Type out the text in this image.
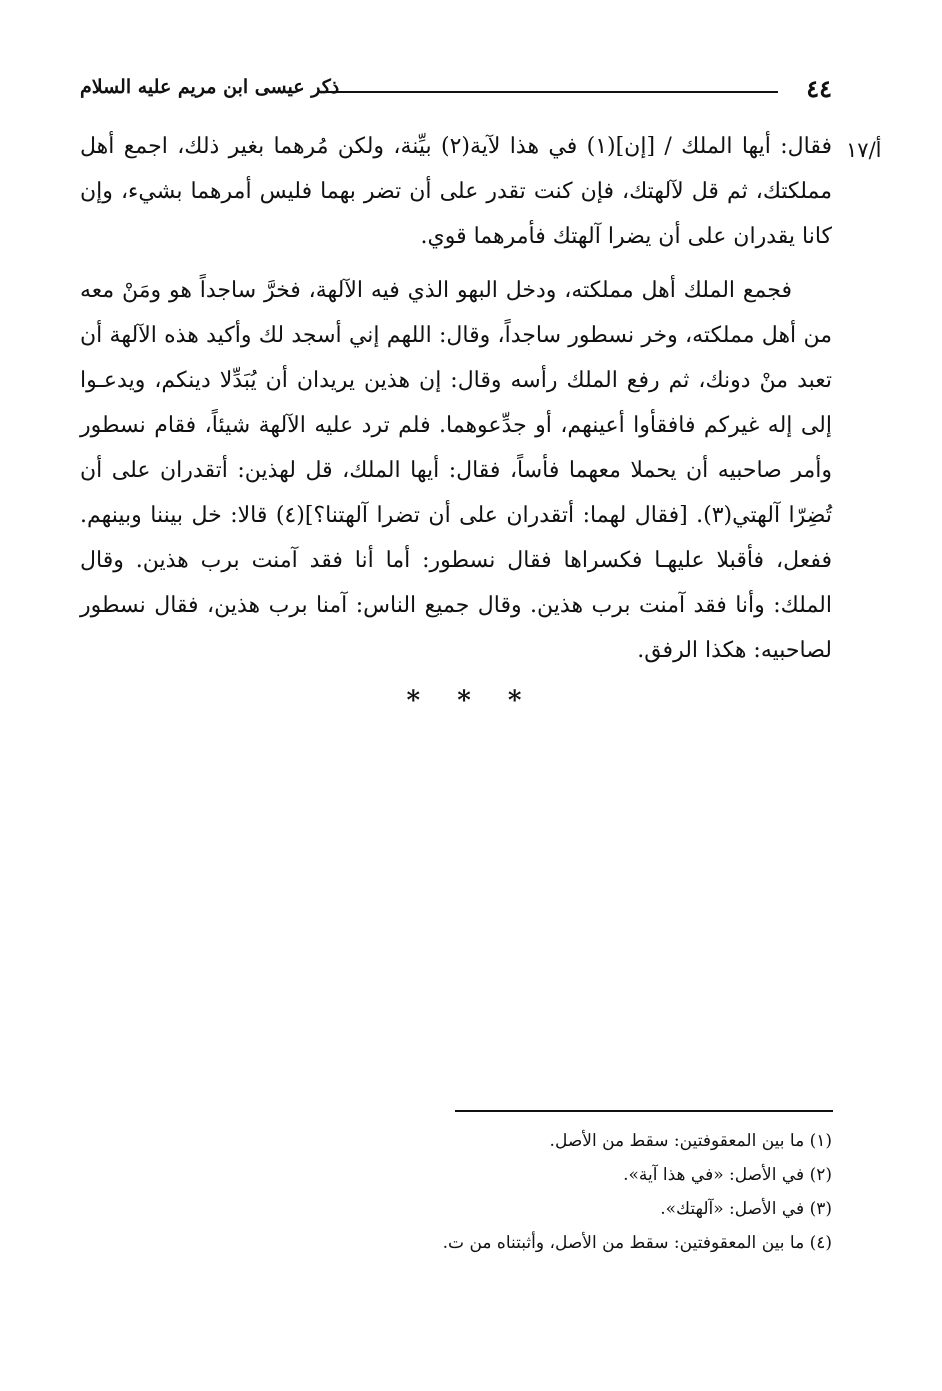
٤٤
ذكر عيسى ابن مريم عليه السلام
أ/١٧

فقال: أيها الملك / [إن](١) في هذا لآية(٢) بيِّنة، ولكن مُرهما بغير ذلك، اجمع أهل مملكتك، ثم قل لآلهتك، فإن كنت تقدر على أن تضر بهما فليس أمرهما بشيء، وإن كانا يقدران على أن يضرا آلهتك فأمرهما قوي.

فجمع الملك أهل مملكته، ودخل البهو الذي فيه الآلهة، فخرَّ ساجداً هو ومَنْ معه من أهل مملكته، وخر نسطور ساجداً، وقال: اللهم إني أسجد لك وأكيد هذه الآلهة أن تعبد منْ دونك، ثم رفع الملك رأسه وقال: إن هذين يريدان أن يُبَدِّلا دينكم، ويدعـوا إلى إله غيركم فافقأوا أعينهم، أو جدِّعوهما. فلم ترد عليه الآلهة شيئاً، فقام نسطور وأمر صاحبيه أن يحملا معهما فأساً، فقال: أيها الملك، قل لهذين: أتقدران على أن تُضِرّا آلهتي(٣). [فقال لهما: أتقدران على أن تضرا آلهتنا؟](٤) قالا: خل بيننا وبينهم. ففعل، فأقبلا عليهـا فكسراها فقال نسطور: أما أنا فقد آمنت برب هذين. وقال الملك: وأنا فقد آمنت برب هذين. وقال جميع الناس: آمنا برب هذين، فقال نسطور لصاحبيه: هكذا الرفق.

* * *
(١) ما بين المعقوفتين: سقط من الأصل.
(٢) في الأصل: «في هذا آية».
(٣) في الأصل: «آلهتك».
(٤) ما بين المعقوفتين: سقط من الأصل، وأثبتناه من ت.
